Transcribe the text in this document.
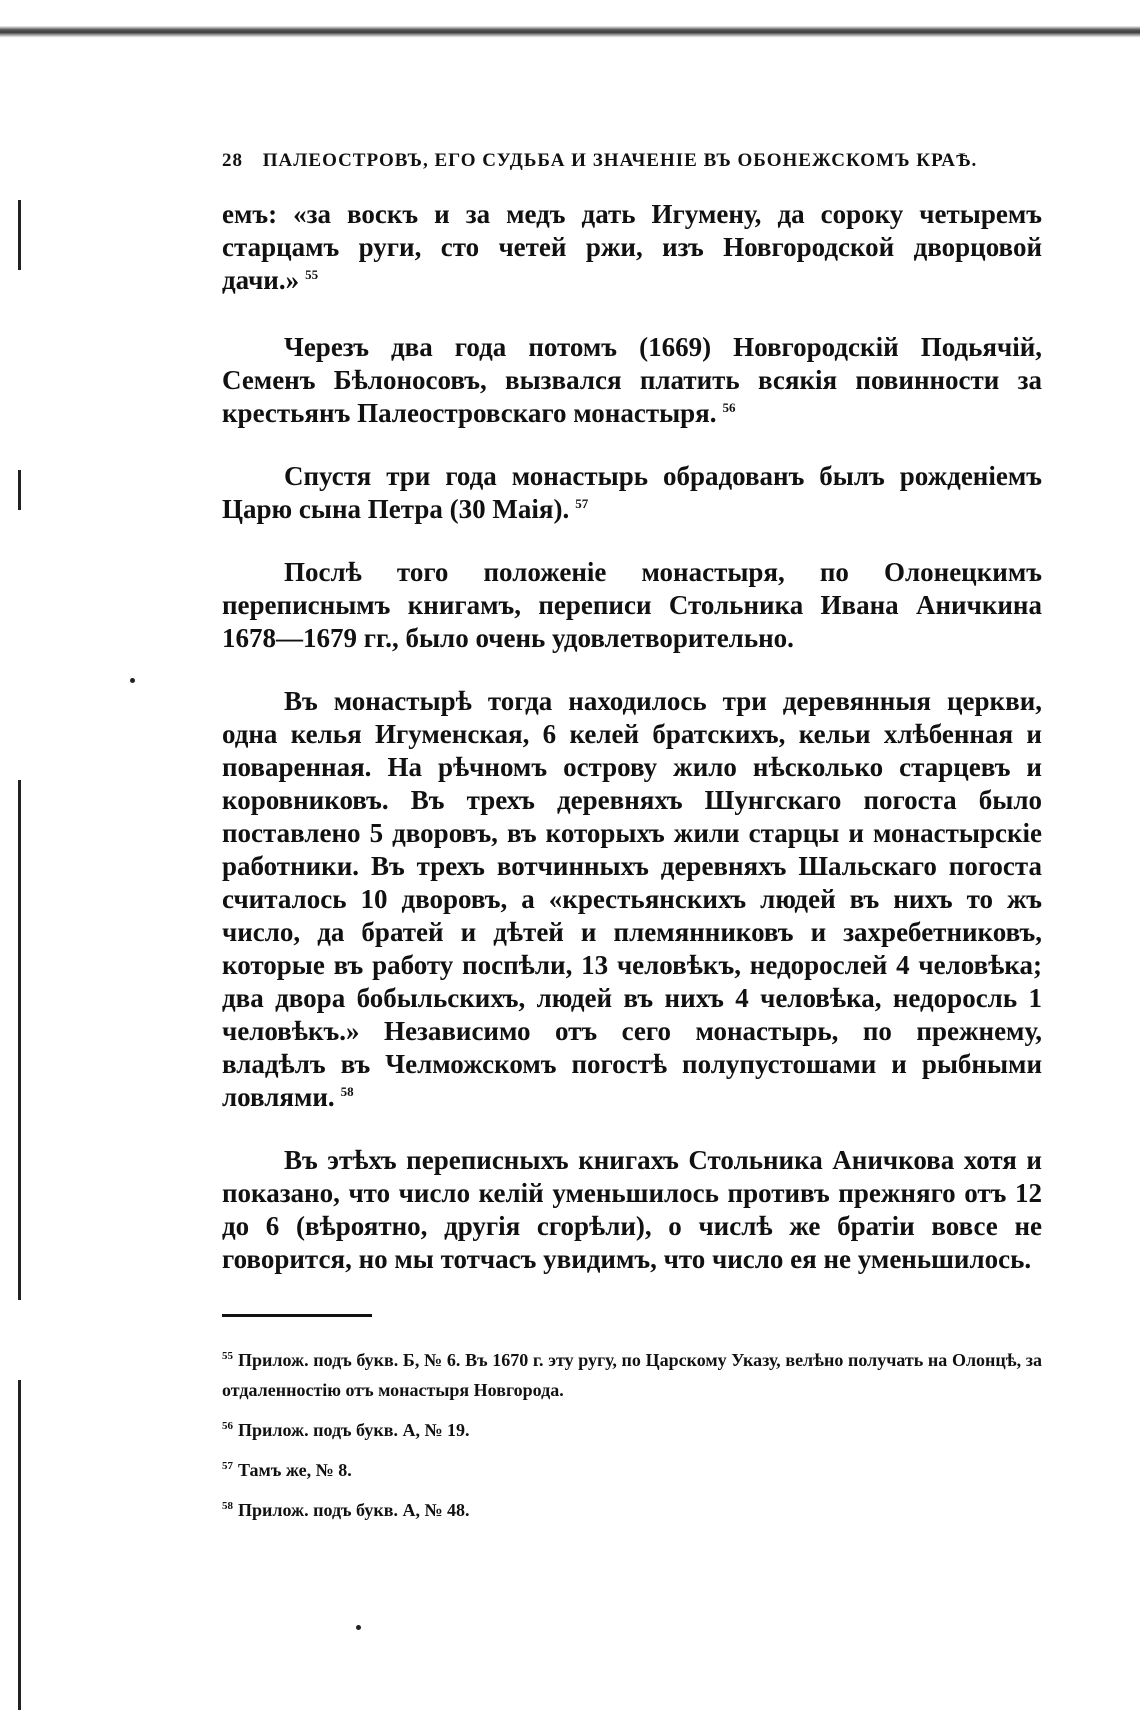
28 ПАЛЕОСТРОВЪ, ЕГО СУДЬБА И ЗНАЧЕНІЕ ВЪ ОБОНЕЖСКОМЪ КРАѢ.

емъ: «за воскъ и за медъ дать Игумену, да сороку четыремъ старцамъ руги, сто четей ржи, изъ Новгородской дворцовой дачи.» $^{55}$

Черезъ два года потомъ (1669) Новгородскій Подьячій, Семенъ Бѣлоносовъ, вызвался платить всякія повинности за крестьянъ Палеостровскаго монастыря. $^{56}$

Спустя три года монастырь обрадованъ былъ рожденіемъ Царю сына Петра (30 Маія). $^{57}$

Послѣ того положеніе монастыря, по Олонецкимъ переписнымъ книгамъ, переписи Стольника Ивана Аничкина 1678—1679 гг., было очень удовлетворительно.

Въ монастырѣ тогда находилось три деревянныя церкви, одна келья Игуменская, 6 келей братскихъ, кельи хлѣбенная и поваренная. На рѣчномъ острову жило нѣсколько старцевъ и коровниковъ. Въ трехъ деревняхъ Шунгскаго погоста было поставлено 5 дворовъ, въ которыхъ жили старцы и монастырскіе работники. Въ трехъ вотчинныхъ деревняхъ Шальскаго погоста считалось 10 дворовъ, а «крестьянскихъ людей въ нихъ то жъ число, да братей и дѣтей и племянниковъ и захребетниковъ, которые въ работу поспѣли, 13 человѣкъ, недорослей 4 человѣка; два двора бобыльскихъ, людей въ нихъ 4 человѣка, недоросль 1 человѣкъ.» Независимо отъ сего монастырь, по прежнему, владѣлъ въ Челможскомъ погостѣ полупустошами и рыбными ловлями. $^{58}$

Въ этѣхъ переписныхъ книгахъ Стольника Аничкова хотя и показано, что число келій уменьшилось противъ прежняго отъ 12 до 6 (вѣроятно, другія сгорѣли), о числѣ же братіи вовсе не говорится, но мы тотчасъ увидимъ, что число ея не уменьшилось.

$^{55}$ Прилож. подъ букв. Б, № 6. Въ 1670 г. эту ругу, по Царскому Указу, велѣно получать на Олонцѣ, за отдаленностію отъ монастыря Новгорода.

$^{56}$ Прилож. подъ букв. А, № 19.

$^{57}$ Тамъ же, № 8.

$^{58}$ Прилож. подъ букв. А, № 48.
